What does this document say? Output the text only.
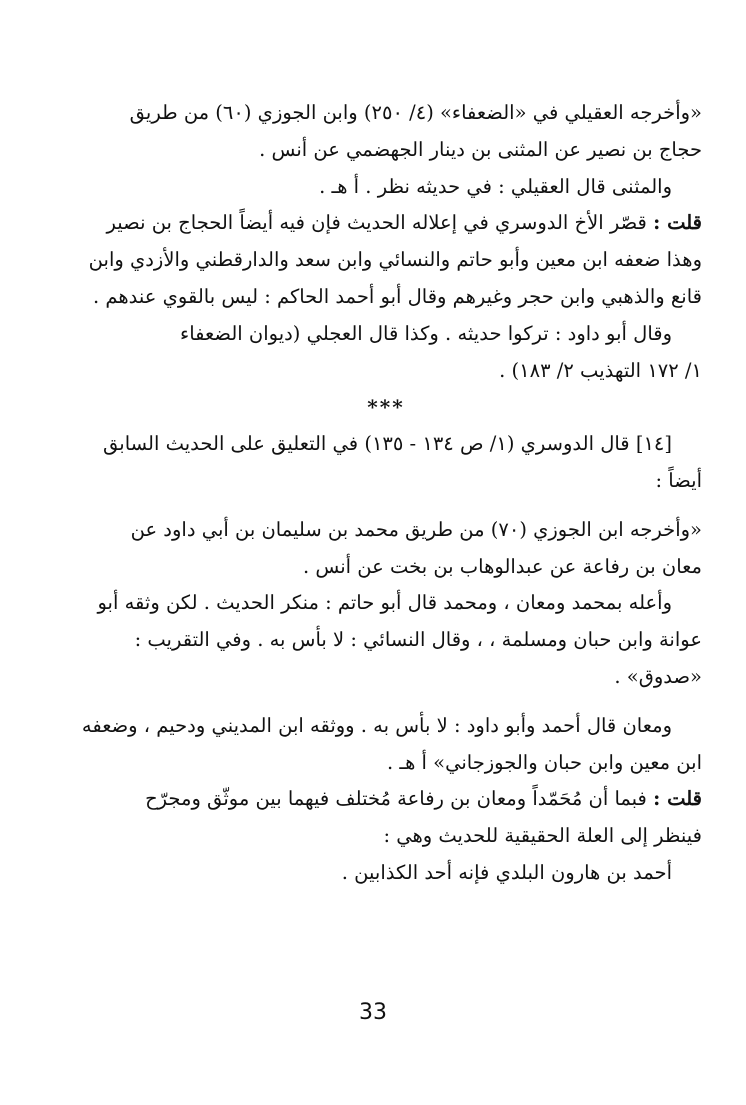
«وأخرجه العقيلي في «الضعفاء» (٤/ ٢٥٠) وابن الجوزي (٦٠) من طريق
حجاج بن نصير عن المثنى بن دينار الجهضمي عن أنس .
والمثنى قال العقيلي : في حديثه نظر . أ هـ .
قلت : قصّر الأخ الدوسري في إعلاله الحديث فإن فيه أيضاً الحجاج بن نصير
وهذا ضعفه ابن معين وأبو حاتم والنسائي وابن سعد والدارقطني والأزدي وابن
قانع والذهبي وابن حجر وغيرهم وقال أبو أحمد الحاكم : ليس بالقوي عندهم .
وقال أبو داود : تركوا حديثه . وكذا قال العجلي (ديوان الضعفاء
١/ ١٧٢ التهذيب ٢/ ١٨٣) .
***
[١٤] قال الدوسري (١/ ص ١٣٤ - ١٣٥) في التعليق على الحديث السابق
أيضاً :
«وأخرجه ابن الجوزي (٧٠) من طريق محمد بن سليمان بن أبي داود عن
معان بن رفاعة عن عبدالوهاب بن بخت عن أنس .
وأعله بمحمد ومعان ، ومحمد قال أبو حاتم : منكر الحديث . لكن وثقه أبو
عوانة وابن حبان ومسلمة ، ، وقال النسائي : لا بأس به . وفي التقريب :
«صدوق» .
ومعان قال أحمد وأبو داود : لا بأس به . ووثقه ابن المديني ودحيم ، وضعفه
ابن معين وابن حبان والجوزجاني» أ هـ .
قلت : فبما أن مُحَمّداً ومعان بن رفاعة مُختلف فيهما بين موثّق ومجرّح
فينظر إلى العلة الحقيقية للحديث وهي :
أحمد بن هارون البلدي فإنه أحد الكذابين .
33
